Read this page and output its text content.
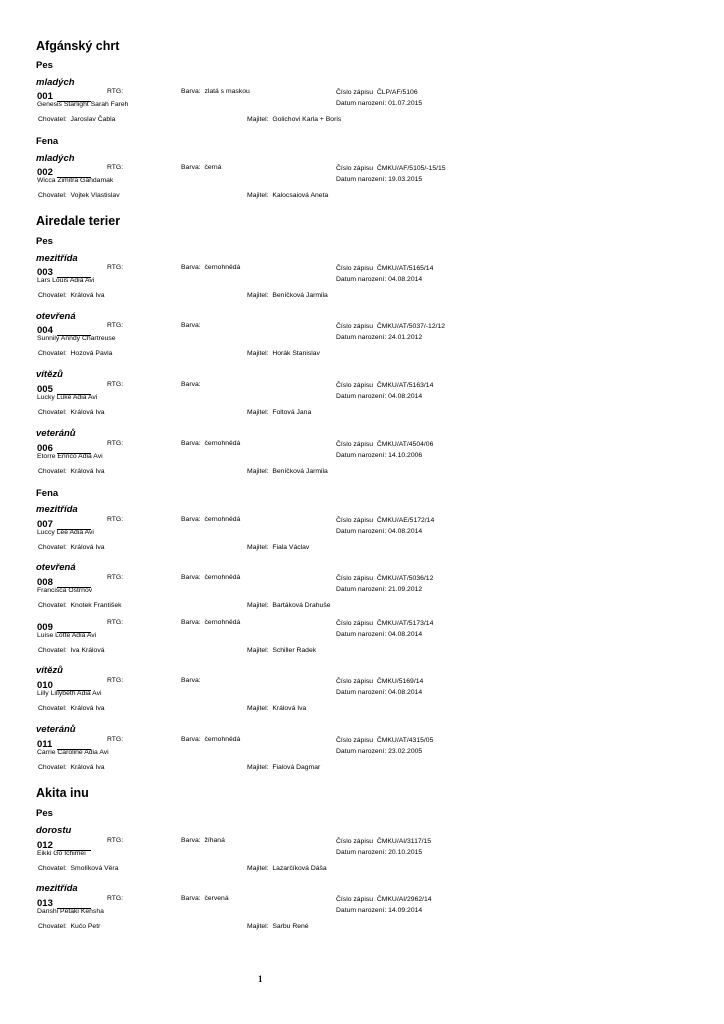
Afgánský chrt
Airedale terier
Akita inu
Pes
Fena
Pes
Fena
Pes
mladých
mladých
mezitřída
otevřená
vítězů
veteránů
mezitřída
otevřená
vítězů
veteránů
dorostu
mezitřída
001	RTG:	Barva: zlatá s maskou	Číslo zápisu ČLP/AF/5106
Genesis Starlight Sarah Fareh	Datum narození: 01.07.2015
Chovatel: Jaroslav Čabla	Majitel: Golichovi Karla + Boris
002	RTG:	Barva: černá	Číslo zápisu ČMKU/AF/5105/-15/15
Wicca Zimitra Gandamak	Datum narození: 19.03.2015
Chovatel: Vojtek Vlastislav	Majitel: Kalocsaiová Aneta
003	RTG:	Barva: černohnědá	Číslo zápisu ČMKU/AT/5165/14
Lars Louis Adia Avi	Datum narození: 04.08.2014
Chovatel: Králová Iva	Majitel: Beníčková Jarmila
004	RTG:	Barva:	Číslo zápisu ČMKU/AT/5037/-12/12
Sunnily Anndy Chartreuse	Datum narození: 24.01.2012
Chovatel: Hozová Pavla	Majitel: Horák Stanislav
005	RTG:	Barva:	Číslo zápisu ČMKU/AT/5163/14
Lucky Luke Adia Avi	Datum narození: 04.08.2014
Chovatel: Králová Iva	Majitel: Foltová Jana
006	RTG:	Barva: černohnědá	Číslo zápisu ČMKU/AT/4504/06
Etorre Enrico Adia Avi	Datum narození: 14.10.2006
Chovatel: Králová Iva	Majitel: Beníčková Jarmila
007	RTG:	Barva: černohnědá	Číslo zápisu ČMKU/AE/5172/14
Luccy Lee Adia Avi	Datum narození: 04.08.2014
Chovatel: Králová Iva	Majitel: Fiala Václav
008	RTG:	Barva: černohnědá	Číslo zápisu ČMKU/AT/5036/12
Francisca Ostrnov	Datum narození: 21.09.2012
Chovatel: Knotek František	Majitel: Bartáková Drahuše
009	RTG:	Barva: černohnědá	Číslo zápisu ČMKU/AT/5173/14
Luise Lotte Adia Avi	Datum narození: 04.08.2014
Chovatel: Iva Králová	Majitel: Schiller Radek
010	RTG:	Barva:	Číslo zápisu ČMKU/5169/14
Lilly Lillybeth Adia Avi	Datum narození: 04.08.2014
Chovatel: Králová Iva	Majitel: Králová Iva
011	RTG:	Barva: černohnědá	Číslo zápisu ČMKU/AT/4315/05
Carrie Caroline Adia Avi	Datum narození: 23.02.2005
Chovatel: Králová Iva	Majitel: Fialová Dagmar
012	RTG:	Barva: žíhaná	Číslo zápisu ČMKU/AI/3117/15
Eikki Go Ichimei	Datum narození: 20.10.2015
Chovatel: Smolíková Věra	Majitel: Lazarčíková Dáša
013	RTG:	Barva: červená	Číslo zápisu ČMKU/AI/2962/14
Danshi Petaki Kensha	Datum narození: 14.09.2014
Chovatel: Kučo Petr	Majitel: Sarbu René
1
